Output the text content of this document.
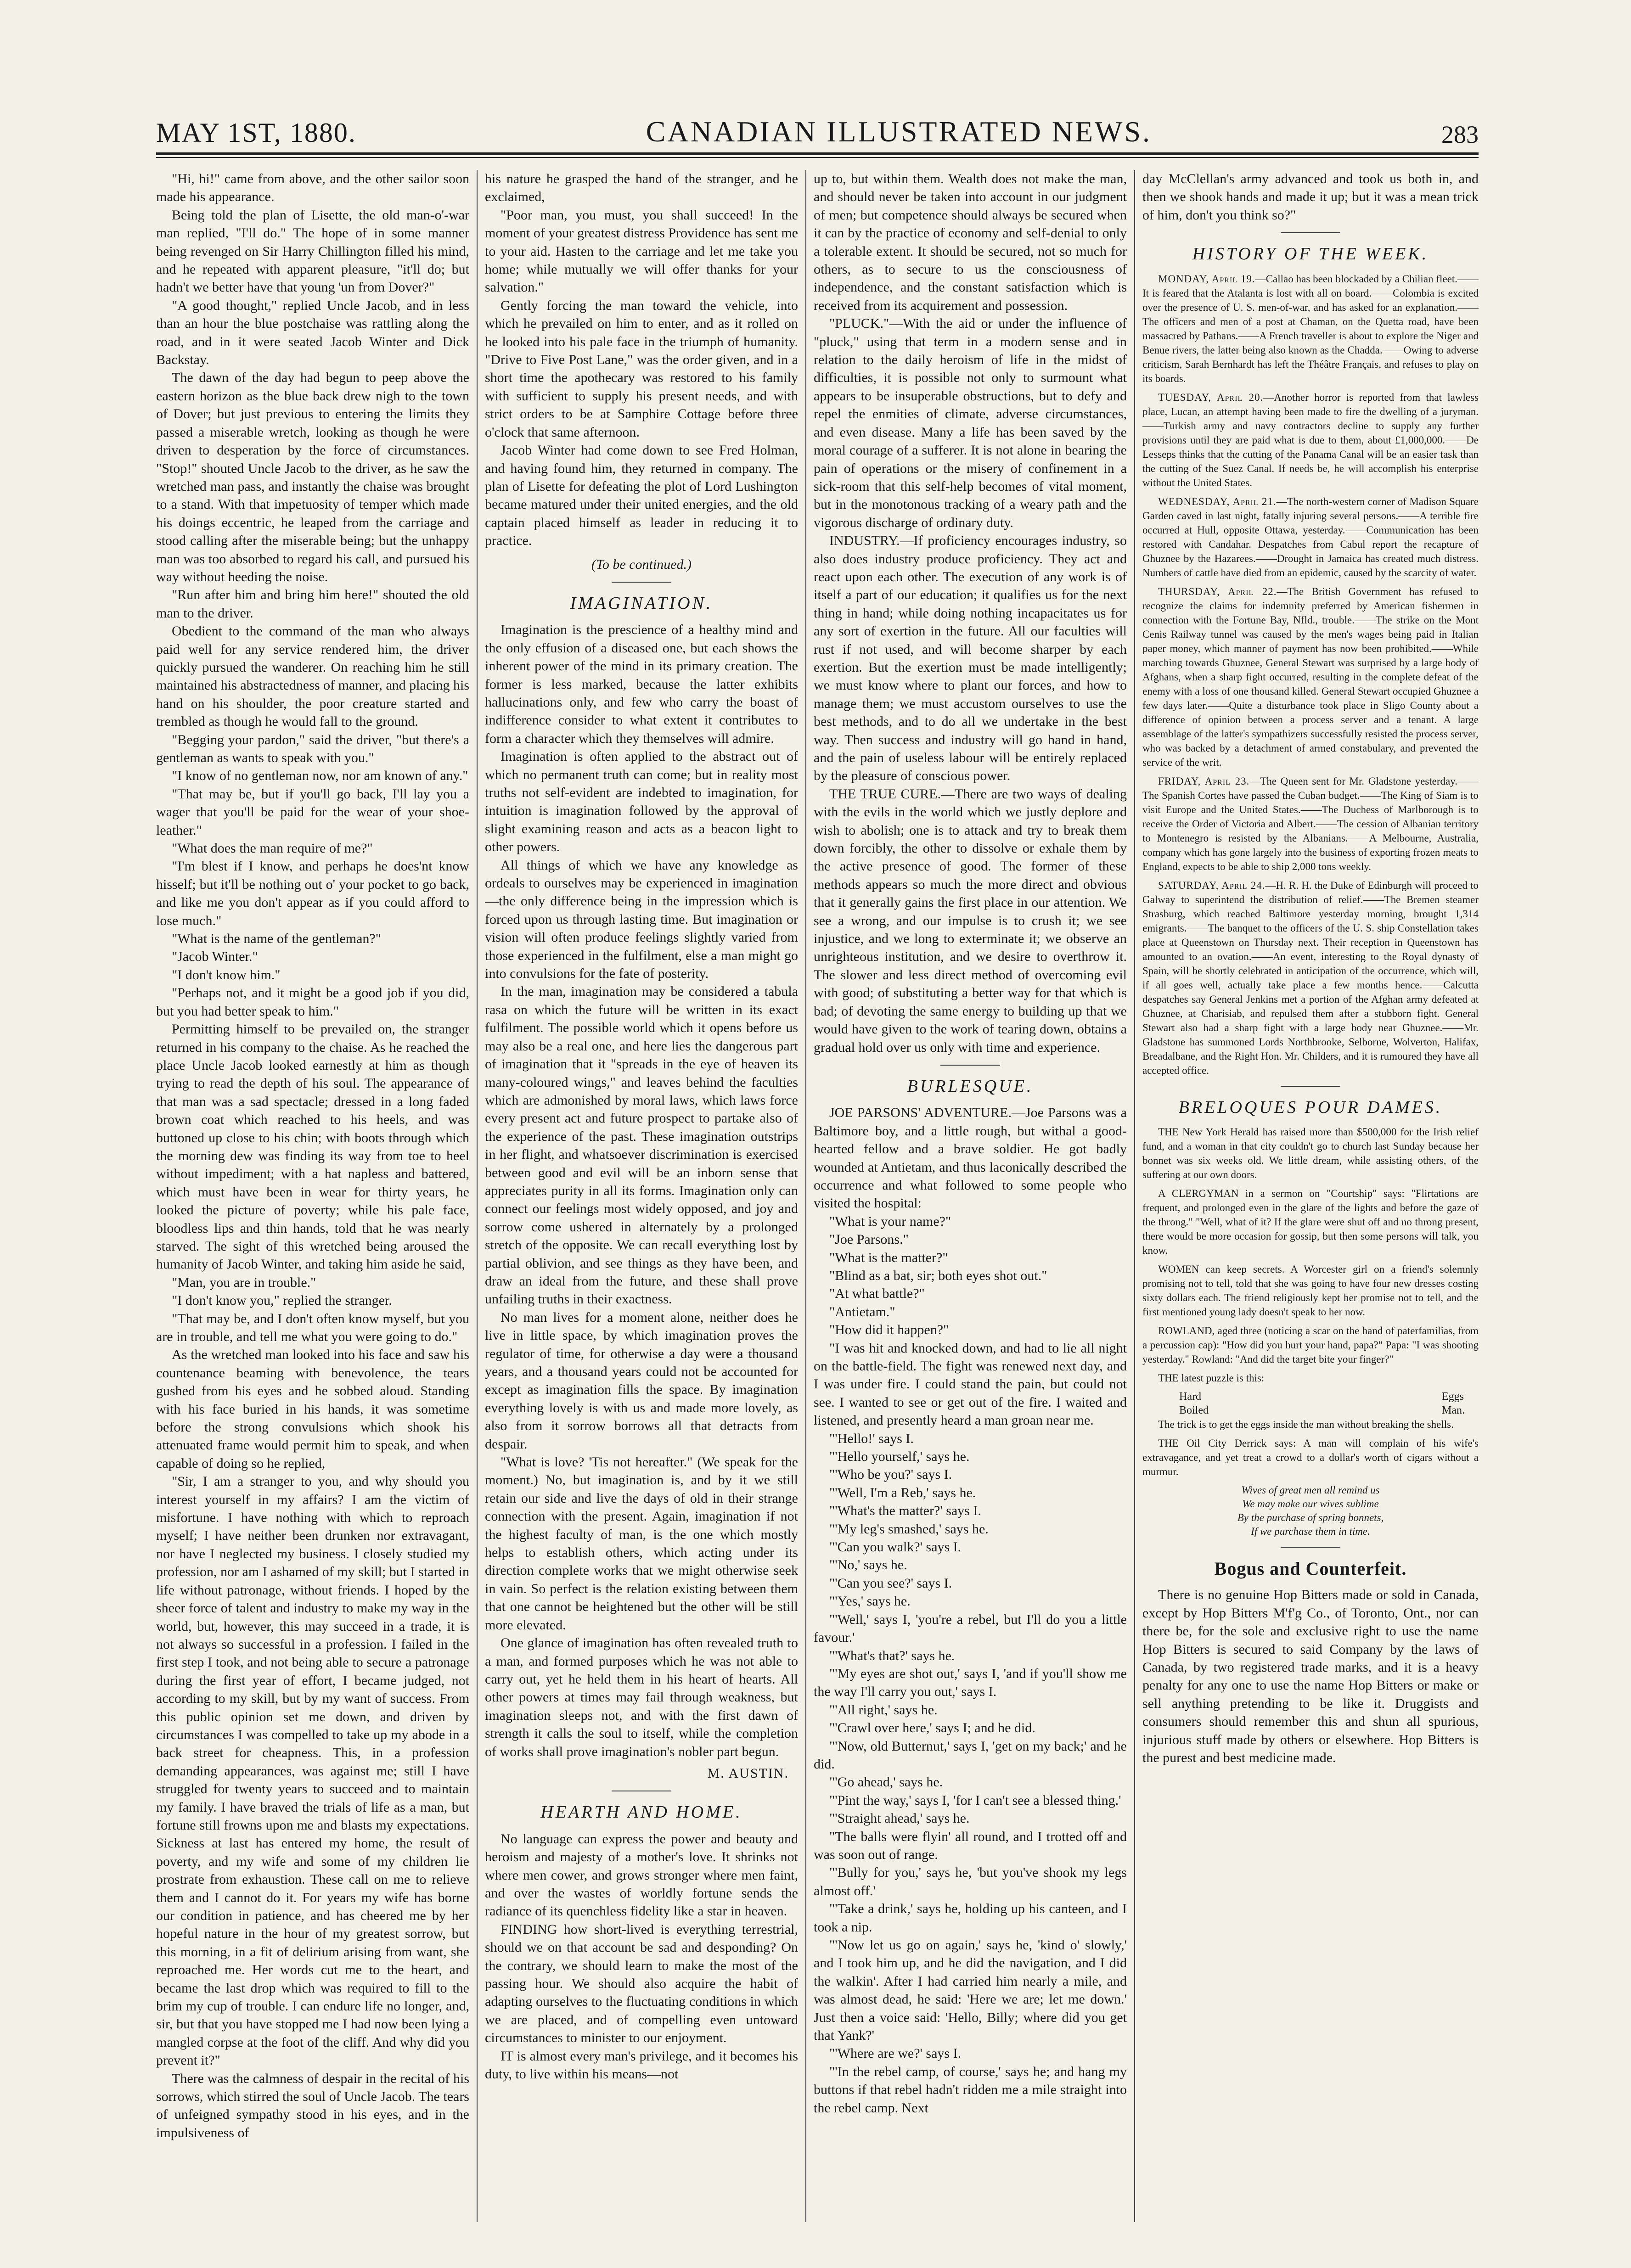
MAY 1ST, 1880.	CANADIAN ILLUSTRATED NEWS.	283

"Hi, hi!" came from above, and the other sailor soon made his appearance.

Being told the plan of Lisette, the old man-o'-war man replied, "I'll do." The hope of in some manner being revenged on Sir Harry Chillington filled his mind, and he repeated with apparent pleasure, "it'll do; but hadn't we better have that young 'un from Dover?"

"A good thought," replied Uncle Jacob, and in less than an hour the blue postchaise was rattling along the road, and in it were seated Jacob Winter and Dick Backstay.

The dawn of the day had begun to peep above the eastern horizon as the blue back drew nigh to the town of Dover; but just previous to entering the limits they passed a miserable wretch, looking as though he were driven to desperation by the force of circumstances. "Stop!" shouted Uncle Jacob to the driver, as he saw the wretched man pass, and instantly the chaise was brought to a stand. With that impetuosity of temper which made his doings eccentric, he leaped from the carriage and stood calling after the miserable being; but the unhappy man was too absorbed to regard his call, and pursued his way without heeding the noise.

"Run after him and bring him here!" shouted the old man to the driver.

Obedient to the command of the man who always paid well for any service rendered him, the driver quickly pursued the wanderer. On reaching him he still maintained his abstractedness of manner, and placing his hand on his shoulder, the poor creature started and trembled as though he would fall to the ground.

"Begging your pardon," said the driver, "but there's a gentleman as wants to speak with you."

"I know of no gentleman now, nor am known of any."

"That may be, but if you'll go back, I'll lay you a wager that you'll be paid for the wear of your shoe-leather."

"What does the man require of me?"

"I'm blest if I know, and perhaps he does'nt know hisself; but it'll be nothing out o' your pocket to go back, and like me you don't appear as if you could afford to lose much."

"What is the name of the gentleman?"

"Jacob Winter."

"I don't know him."

"Perhaps not, and it might be a good job if you did, but you had better speak to him."

Permitting himself to be prevailed on, the stranger returned in his company to the chaise. As he reached the place Uncle Jacob looked earnestly at him as though trying to read the depth of his soul. The appearance of that man was a sad spectacle; dressed in a long faded brown coat which reached to his heels, and was buttoned up close to his chin; with boots through which the morning dew was finding its way from toe to heel without impediment; with a hat napless and battered, which must have been in wear for thirty years, he looked the picture of poverty; while his pale face, bloodless lips and thin hands, told that he was nearly starved. The sight of this wretched being aroused the humanity of Jacob Winter, and taking him aside he said,

"Man, you are in trouble."

"I don't know you," replied the stranger.

"That may be, and I don't often know myself, but you are in trouble, and tell me what you were going to do."

As the wretched man looked into his face and saw his countenance beaming with benevolence, the tears gushed from his eyes and he sobbed aloud. Standing with his face buried in his hands, it was sometime before the strong convulsions which shook his attenuated frame would permit him to speak, and when capable of doing so he replied,

"Sir, I am a stranger to you, and why should you interest yourself in my affairs? I am the victim of misfortune. I have nothing with which to reproach myself; I have neither been drunken nor extravagant, nor have I neglected my business. I closely studied my profession, nor am I ashamed of my skill; but I started in life without patronage, without friends. I hoped by the sheer force of talent and industry to make my way in the world, but, however, this may succeed in a trade, it is not always so successful in a profession. I failed in the first step I took, and not being able to secure a patronage during the first year of effort, I became judged, not according to my skill, but by my want of success. From this public opinion set me down, and driven by circumstances I was compelled to take up my abode in a back street for cheapness. This, in a profession demanding appearances, was against me; still I have struggled for twenty years to succeed and to maintain my family. I have braved the trials of life as a man, but fortune still frowns upon me and blasts my expectations. Sickness at last has entered my home, the result of poverty, and my wife and some of my children lie prostrate from exhaustion. These call on me to relieve them and I cannot do it. For years my wife has borne our condition in patience, and has cheered me by her hopeful nature in the hour of my greatest sorrow, but this morning, in a fit of delirium arising from want, she reproached me. Her words cut me to the heart, and became the last drop which was required to fill to the brim my cup of trouble. I can endure life no longer, and, sir, but that you have stopped me I had now been lying a mangled corpse at the foot of the cliff. And why did you prevent it?"

There was the calmness of despair in the recital of his sorrows, which stirred the soul of Uncle Jacob. The tears of unfeigned sympathy stood in his eyes, and in the impulsiveness of

his nature he grasped the hand of the stranger, and he exclaimed,

"Poor man, you must, you shall succeed! In the moment of your greatest distress Providence has sent me to your aid. Hasten to the carriage and let me take you home; while mutually we will offer thanks for your salvation."

Gently forcing the man toward the vehicle, into which he prevailed on him to enter, and as it rolled on he looked into his pale face in the triumph of humanity. "Drive to Five Post Lane," was the order given, and in a short time the apothecary was restored to his family with sufficient to supply his present needs, and with strict orders to be at Samphire Cottage before three o'clock that same afternoon.

Jacob Winter had come down to see Fred Holman, and having found him, they returned in company. The plan of Lisette for defeating the plot of Lord Lushington became matured under their united energies, and the old captain placed himself as leader in reducing it to practice.

(To be continued.)
IMAGINATION.

Imagination is the prescience of a healthy mind and the only effusion of a diseased one, but each shows the inherent power of the mind in its primary creation. The former is less marked, because the latter exhibits hallucinations only, and few who carry the boast of indifference consider to what extent it contributes to form a character which they themselves will admire.

Imagination is often applied to the abstract out of which no permanent truth can come; but in reality most truths not self-evident are indebted to imagination, for intuition is imagination followed by the approval of slight examining reason and acts as a beacon light to other powers.

All things of which we have any knowledge as ordeals to ourselves may be experienced in imagination—the only difference being in the impression which is forced upon us through lasting time. But imagination or vision will often produce feelings slightly varied from those experienced in the fulfilment, else a man might go into convulsions for the fate of posterity.

In the man, imagination may be considered a tabula rasa on which the future will be written in its exact fulfilment. The possible world which it opens before us may also be a real one, and here lies the dangerous part of imagination that it "spreads in the eye of heaven its many-coloured wings," and leaves behind the faculties which are admonished by moral laws, which laws force every present act and future prospect to partake also of the experience of the past. These imagination outstrips in her flight, and whatsoever discrimination is exercised between good and evil will be an inborn sense that appreciates purity in all its forms. Imagination only can connect our feelings most widely opposed, and joy and sorrow come ushered in alternately by a prolonged stretch of the opposite. We can recall everything lost by partial oblivion, and see things as they have been, and draw an ideal from the future, and these shall prove unfailing truths in their exactness.

No man lives for a moment alone, neither does he live in little space, by which imagination proves the regulator of time, for otherwise a day were a thousand years, and a thousand years could not be accounted for except as imagination fills the space. By imagination everything lovely is with us and made more lovely, as also from it sorrow borrows all that detracts from despair.

"What is love? 'Tis not hereafter." (We speak for the moment.) No, but imagination is, and by it we still retain our side and live the days of old in their strange connection with the present. Again, imagination if not the highest faculty of man, is the one which mostly helps to establish others, which acting under its direction complete works that we might otherwise seek in vain. So perfect is the relation existing between them that one cannot be heightened but the other will be still more elevated.

One glance of imagination has often revealed truth to a man, and formed purposes which he was not able to carry out, yet he held them in his heart of hearts. All other powers at times may fail through weakness, but imagination sleeps not, and with the first dawn of strength it calls the soul to itself, while the completion of works shall prove imagination's nobler part begun.

M. AUSTIN.
HEARTH AND HOME.

No language can express the power and beauty and heroism and majesty of a mother's love. It shrinks not where men cower, and grows stronger where men faint, and over the wastes of worldly fortune sends the radiance of its quenchless fidelity like a star in heaven.

FINDING how short-lived is everything terrestrial, should we on that account be sad and desponding? On the contrary, we should learn to make the most of the passing hour. We should also acquire the habit of adapting ourselves to the fluctuating conditions in which we are placed, and of compelling even untoward circumstances to minister to our enjoyment.

IT is almost every man's privilege, and it becomes his duty, to live within his means—not

up to, but within them. Wealth does not make the man, and should never be taken into account in our judgment of men; but competence should always be secured when it can by the practice of economy and self-denial to only a tolerable extent. It should be secured, not so much for others, as to secure to us the consciousness of independence, and the constant satisfaction which is received from its acquirement and possession.

"PLUCK."—With the aid or under the influence of "pluck," using that term in a modern sense and in relation to the daily heroism of life in the midst of difficulties, it is possible not only to surmount what appears to be insuperable obstructions, but to defy and repel the enmities of climate, adverse circumstances, and even disease. Many a life has been saved by the moral courage of a sufferer. It is not alone in bearing the pain of operations or the misery of confinement in a sick-room that this self-help becomes of vital moment, but in the monotonous tracking of a weary path and the vigorous discharge of ordinary duty.

INDUSTRY.—If proficiency encourages industry, so also does industry produce proficiency. They act and react upon each other. The execution of any work is of itself a part of our education; it qualifies us for the next thing in hand; while doing nothing incapacitates us for any sort of exertion in the future. All our faculties will rust if not used, and will become sharper by each exertion. But the exertion must be made intelligently; we must know where to plant our forces, and how to manage them; we must accustom ourselves to use the best methods, and to do all we undertake in the best way. Then success and industry will go hand in hand, and the pain of useless labour will be entirely replaced by the pleasure of conscious power.

THE TRUE CURE.—There are two ways of dealing with the evils in the world which we justly deplore and wish to abolish; one is to attack and try to break them down forcibly, the other to dissolve or exhale them by the active presence of good. The former of these methods appears so much the more direct and obvious that it generally gains the first place in our attention. We see a wrong, and our impulse is to crush it; we see injustice, and we long to exterminate it; we observe an unrighteous institution, and we desire to overthrow it. The slower and less direct method of overcoming evil with good; of substituting a better way for that which is bad; of devoting the same energy to building up that we would have given to the work of tearing down, obtains a gradual hold over us only with time and experience.

BURLESQUE.

JOE PARSONS' ADVENTURE.—Joe Parsons was a Baltimore boy, and a little rough, but withal a good-hearted fellow and a brave soldier. He got badly wounded at Antietam, and thus laconically described the occurrence and what followed to some people who visited the hospital:

"What is your name?"

"Joe Parsons."

"What is the matter?"

"Blind as a bat, sir; both eyes shot out."

"At what battle?"

"Antietam."

"How did it happen?"

"I was hit and knocked down, and had to lie all night on the battle-field. The fight was renewed next day, and I was under fire. I could stand the pain, but could not see. I wanted to see or get out of the fire. I waited and listened, and presently heard a man groan near me.

"'Hello!' says I.

"'Hello yourself,' says he.

"'Who be you?' says I.

"'Well, I'm a Reb,' says he.

"'What's the matter?' says I.

"'My leg's smashed,' says he.

"'Can you walk?' says I.

"'No,' says he.

"'Can you see?' says I.

"'Yes,' says he.

"'Well,' says I, 'you're a rebel, but I'll do you a little favour.'

"'What's that?' says he.

"'My eyes are shot out,' says I, 'and if you'll show me the way I'll carry you out,' says I.

"'All right,' says he.

"'Crawl over here,' says I; and he did.

"'Now, old Butternut,' says I, 'get on my back;' and he did.

"'Go ahead,' says he.

"'Pint the way,' says I, 'for I can't see a blessed thing.'

"'Straight ahead,' says he.

"The balls were flyin' all round, and I trotted off and was soon out of range.

"'Bully for you,' says he, 'but you've shook my legs almost off.'

"'Take a drink,' says he, holding up his canteen, and I took a nip.

"'Now let us go on again,' says he, 'kind o' slowly,' and I took him up, and he did the navigation, and I did the walkin'. After I had carried him nearly a mile, and was almost dead, he said: 'Here we are; let me down.' Just then a voice said: 'Hello, Billy; where did you get that Yank?'

"'Where are we?' says I.

"'In the rebel camp, of course,' says he; and hang my buttons if that rebel hadn't ridden me a mile straight into the rebel camp. Next

day McClellan's army advanced and took us both in, and then we shook hands and made it up; but it was a mean trick of him, don't you think so?"

HISTORY OF THE WEEK.

MONDAY, April 19.—Callao has been blockaded by a Chilian fleet.——It is feared that the Atalanta is lost with all on board.——Colombia is excited over the presence of U. S. men-of-war, and has asked for an explanation.——The officers and men of a post at Chaman, on the Quetta road, have been massacred by Pathans.——A French traveller is about to explore the Niger and Benue rivers, the latter being also known as the Chadda.——Owing to adverse criticism, Sarah Bernhardt has left the Théâtre Français, and refuses to play on its boards.

TUESDAY, April 20.—Another horror is reported from that lawless place, Lucan, an attempt having been made to fire the dwelling of a juryman.——Turkish army and navy contractors decline to supply any further provisions until they are paid what is due to them, about £1,000,000.——De Lesseps thinks that the cutting of the Panama Canal will be an easier task than the cutting of the Suez Canal. If needs be, he will accomplish his enterprise without the United States.

WEDNESDAY, April 21.—The north-western corner of Madison Square Garden caved in last night, fatally injuring several persons.——A terrible fire occurred at Hull, opposite Ottawa, yesterday.——Communication has been restored with Candahar. Despatches from Cabul report the recapture of Ghuznee by the Hazarees.——Drought in Jamaica has created much distress. Numbers of cattle have died from an epidemic, caused by the scarcity of water.

THURSDAY, April 22.—The British Government has refused to recognize the claims for indemnity preferred by American fishermen in connection with the Fortune Bay, Nfld., trouble.——The strike on the Mont Cenis Railway tunnel was caused by the men's wages being paid in Italian paper money, which manner of payment has now been prohibited.——While marching towards Ghuznee, General Stewart was surprised by a large body of Afghans, when a sharp fight occurred, resulting in the complete defeat of the enemy with a loss of one thousand killed. General Stewart occupied Ghuznee a few days later.——Quite a disturbance took place in Sligo County about a difference of opinion between a process server and a tenant. A large assemblage of the latter's sympathizers successfully resisted the process server, who was backed by a detachment of armed constabulary, and prevented the service of the writ.

FRIDAY, April 23.—The Queen sent for Mr. Gladstone yesterday.——The Spanish Cortes have passed the Cuban budget.——The King of Siam is to visit Europe and the United States.——The Duchess of Marlborough is to receive the Order of Victoria and Albert.——The cession of Albanian territory to Montenegro is resisted by the Albanians.——A Melbourne, Australia, company which has gone largely into the business of exporting frozen meats to England, expects to be able to ship 2,000 tons weekly.

SATURDAY, April 24.—H. R. H. the Duke of Edinburgh will proceed to Galway to superintend the distribution of relief.——The Bremen steamer Strasburg, which reached Baltimore yesterday morning, brought 1,314 emigrants.——The banquet to the officers of the U. S. ship Constellation takes place at Queenstown on Thursday next. Their reception in Queenstown has amounted to an ovation.——An event, interesting to the Royal dynasty of Spain, will be shortly celebrated in anticipation of the occurrence, which will, if all goes well, actually take place a few months hence.——Calcutta despatches say General Jenkins met a portion of the Afghan army defeated at Ghuznee, at Charisiab, and repulsed them after a stubborn fight. General Stewart also had a sharp fight with a large body near Ghuznee.——Mr. Gladstone has summoned Lords Northbrooke, Selborne, Wolverton, Halifax, Breadalbane, and the Right Hon. Mr. Childers, and it is rumoured they have all accepted office.

BRELOQUES POUR DAMES.

THE New York Herald has raised more than $500,000 for the Irish relief fund, and a woman in that city couldn't go to church last Sunday because her bonnet was six weeks old. We little dream, while assisting others, of the suffering at our own doors.

A CLERGYMAN in a sermon on "Courtship" says: "Flirtations are frequent, and prolonged even in the glare of the lights and before the gaze of the throng." "Well, what of it? If the glare were shut off and no throng present, there would be more occasion for gossip, but then some persons will talk, you know.

WOMEN can keep secrets. A Worcester girl on a friend's solemnly promising not to tell, told that she was going to have four new dresses costing sixty dollars each. The friend religiously kept her promise not to tell, and the first mentioned young lady doesn't speak to her now.

ROWLAND, aged three (noticing a scar on the hand of paterfamilias, from a percussion cap): "How did you hurt your hand, papa?" Papa: "I was shooting yesterday." Rowland: "And did the target bite your finger?"

THE latest puzzle is this:

Hard
Boiled
Eggs
Man.

The trick is to get the eggs inside the man without breaking the shells.

THE Oil City Derrick says: A man will complain of his wife's extravagance, and yet treat a crowd to a dollar's worth of cigars without a murmur.

Wives of great men all remind us
We may make our wives sublime
By the purchase of spring bonnets,
If we purchase them in time.
Bogus and Counterfeit.

There is no genuine Hop Bitters made or sold in Canada, except by Hop Bitters M'f'g Co., of Toronto, Ont., nor can there be, for the sole and exclusive right to use the name Hop Bitters is secured to said Company by the laws of Canada, by two registered trade marks, and it is a heavy penalty for any one to use the name Hop Bitters or make or sell anything pretending to be like it. Druggists and consumers should remember this and shun all spurious, injurious stuff made by others or elsewhere. Hop Bitters is the purest and best medicine made.
